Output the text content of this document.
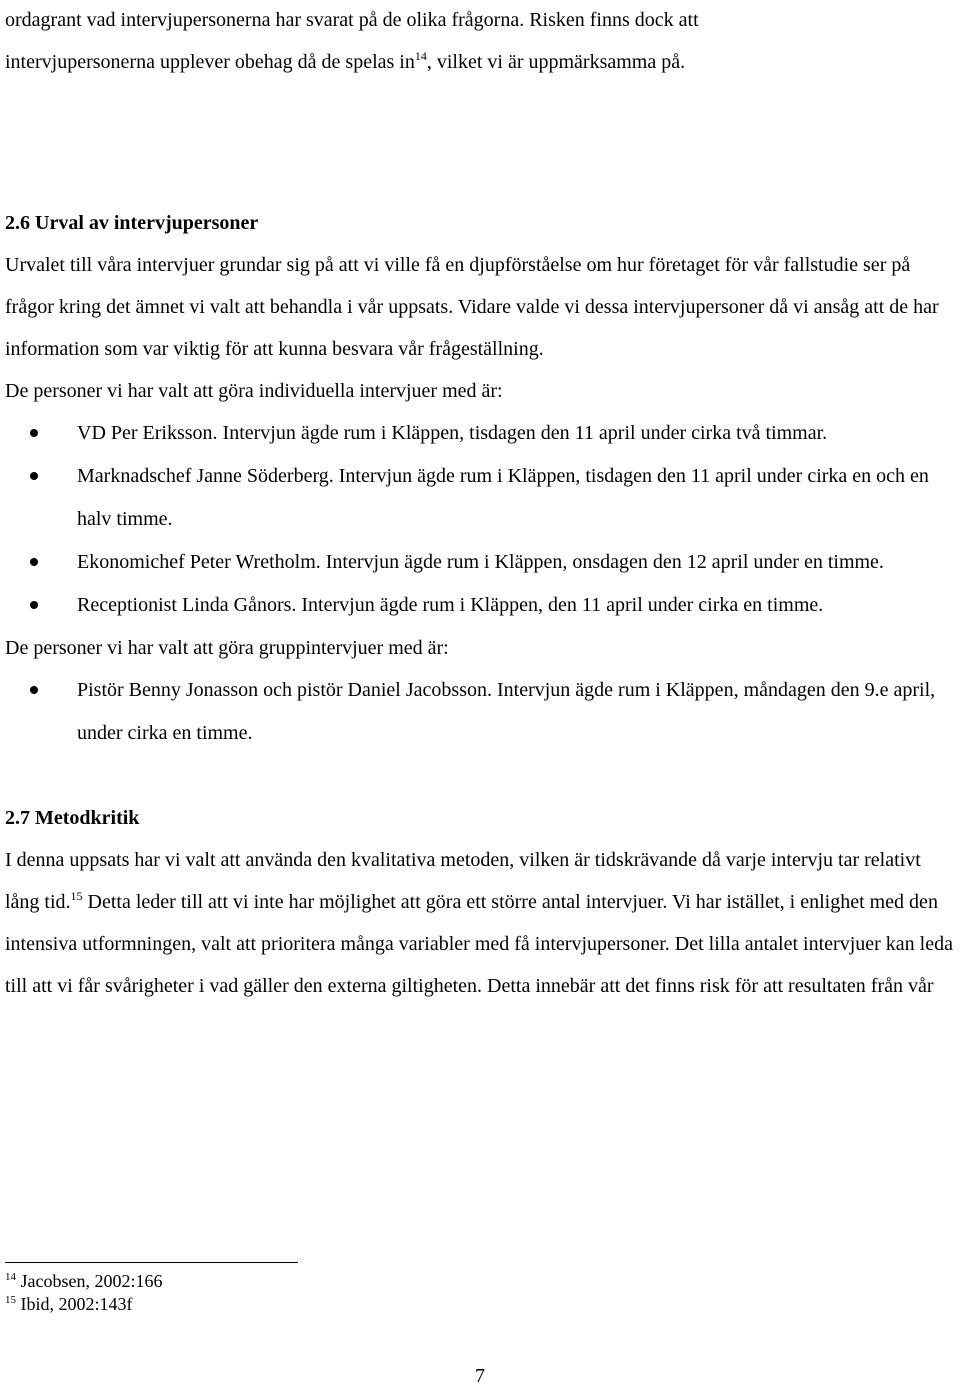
ordagrant vad intervjupersonerna har svarat på de olika frågorna. Risken finns dock att
intervjupersonerna upplever obehag då de spelas $in^{14}$, vilket vi är uppmärksamma på.

2.6 Urval av intervjupersoner

Urvalet till våra intervjuer grundar sig på att vi ville få en djupförståelse om hur företaget för vår fallstudie ser på frågor kring det ämnet vi valt att behandla i vår uppsats. Vidare valde vi dessa intervjupersoner då vi ansåg att de har information som var viktig för att kunna besvara vår frågeställning.

De personer vi har valt att göra individuella intervjuer med är:

VD Per Eriksson. Intervjun ägde rum i Kläppen, tisdagen den 11 april under cirka två timmar.
Marknadschef Janne Söderberg. Intervjun ägde rum i Kläppen, tisdagen den 11 april under cirka en och en halv timme.
Ekonomichef Peter Wretholm. Intervjun ägde rum i Kläppen, onsdagen den 12 april under en timme.
Receptionist Linda Gånors. Intervjun ägde rum i Kläppen, den 11 april under cirka en timme.

De personer vi har valt att göra gruppintervjuer med är:

Pistör Benny Jonasson och pistör Daniel Jacobsson. Intervjun ägde rum i Kläppen, måndagen den 9.e april, under cirka en timme.
2.7 Metodkritik

I denna uppsats har vi valt att använda den kvalitativa metoden, vilken är tidskrävande då varje intervju tar relativt lång tid.$^{15}$ Detta leder till att vi inte har möjlighet att göra ett större antal intervjuer. Vi har istället, i enlighet med den intensiva utformningen, valt att prioritera många variabler med få intervjupersoner. Det lilla antalet intervjuer kan leda till att vi får svårigheter i vad gäller den externa giltigheten. Detta innebär att det finns risk för att resultaten från vår

$^{14}$ Jacobsen, 2002:166
$^{15}$ Ibid, 2002:143f
7
